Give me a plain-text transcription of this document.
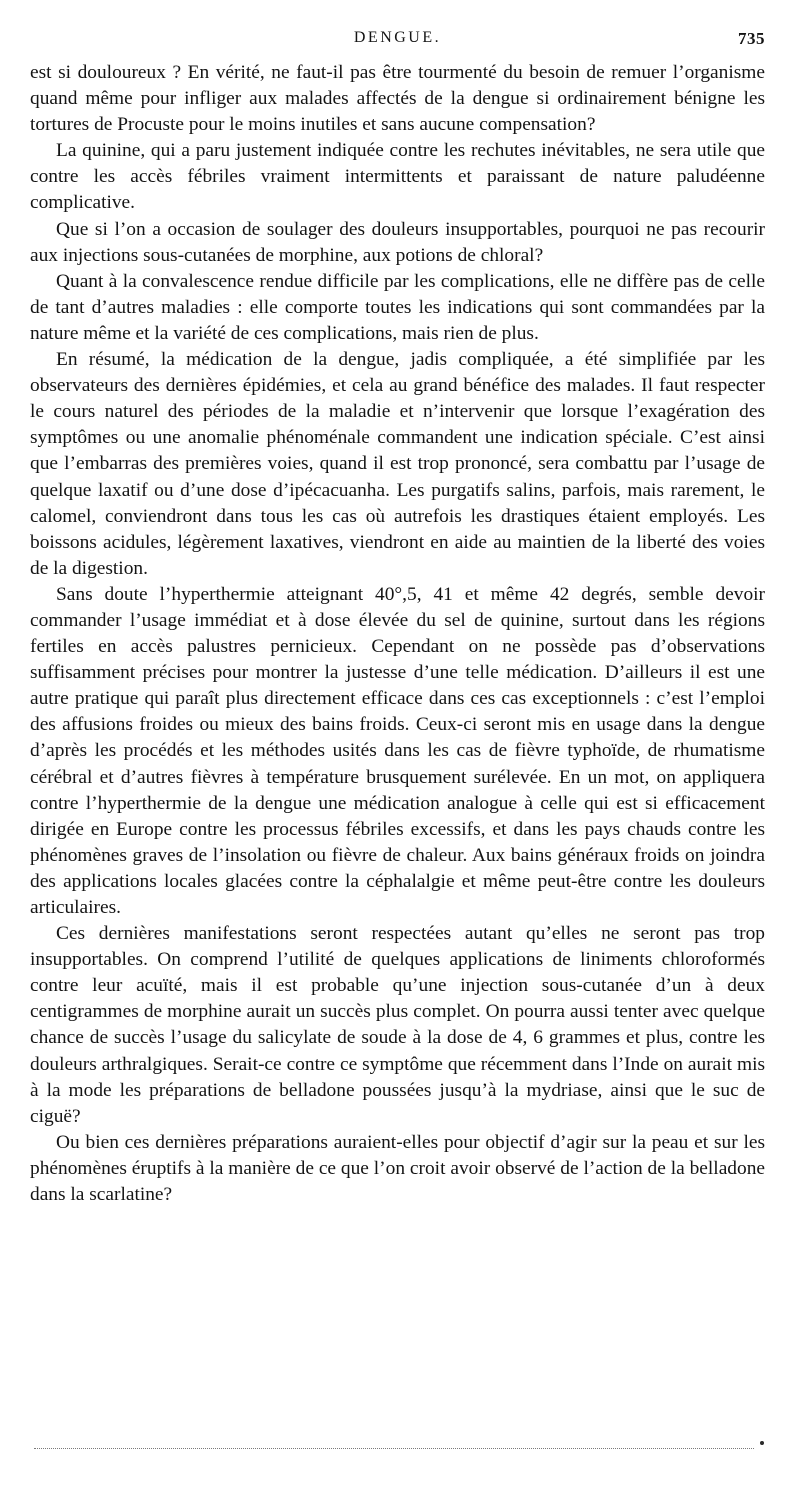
DENGUE.	735

est si douloureux ? En vérité, ne faut-il pas être tourmenté du besoin de remuer l’organisme quand même pour infliger aux malades affectés de la dengue si ordinairement bénigne les tortures de Procuste pour le moins inutiles et sans aucune compensation?

La quinine, qui a paru justement indiquée contre les rechutes inévitables, ne sera utile que contre les accès fébriles vraiment intermittents et paraissant de nature paludéenne complicative.

Que si l’on a occasion de soulager des douleurs insupportables, pourquoi ne pas recourir aux injections sous-cutanées de morphine, aux potions de chloral?

Quant à la convalescence rendue difficile par les complications, elle ne diffère pas de celle de tant d’autres maladies : elle comporte toutes les indications qui sont commandées par la nature même et la variété de ces complications, mais rien de plus.

En résumé, la médication de la dengue, jadis compliquée, a été simplifiée par les observateurs des dernières épidémies, et cela au grand bénéfice des malades. Il faut respecter le cours naturel des périodes de la maladie et n’intervenir que lorsque l’exagération des symptômes ou une anomalie phénoménale commandent une indication spéciale. C’est ainsi que l’embarras des premières voies, quand il est trop prononcé, sera combattu par l’usage de quelque laxatif ou d’une dose d’ipécacuanha. Les purgatifs salins, parfois, mais rarement, le calomel, conviendront dans tous les cas où autrefois les drastiques étaient employés. Les boissons acidules, légèrement laxatives, viendront en aide au maintien de la liberté des voies de la digestion.

Sans doute l’hyperthermie atteignant 40°,5, 41 et même 42 degrés, semble devoir commander l’usage immédiat et à dose élevée du sel de quinine, surtout dans les régions fertiles en accès palustres pernicieux. Cependant on ne possède pas d’observations suffisamment précises pour montrer la justesse d’une telle médication. D’ailleurs il est une autre pratique qui paraît plus directement efficace dans ces cas exceptionnels : c’est l’emploi des affusions froides ou mieux des bains froids. Ceux-ci seront mis en usage dans la dengue d’après les procédés et les méthodes usités dans les cas de fièvre typhoïde, de rhumatisme cérébral et d’autres fièvres à température brusquement surélevée. En un mot, on appliquera contre l’hyperthermie de la dengue une médication analogue à celle qui est si efficacement dirigée en Europe contre les processus fébriles excessifs, et dans les pays chauds contre les phénomènes graves de l’insolation ou fièvre de chaleur. Aux bains généraux froids on joindra des applications locales glacées contre la céphalalgie et même peut-être contre les douleurs articulaires.

Ces dernières manifestations seront respectées autant qu’elles ne seront pas trop insupportables. On comprend l’utilité de quelques applications de liniments chloroformés contre leur acuïté, mais il est probable qu’une injection sous-cutanée d’un à deux centigrammes de morphine aurait un succès plus complet. On pourra aussi tenter avec quelque chance de succès l’usage du salicylate de soude à la dose de 4, 6 grammes et plus, contre les douleurs arthralgiques. Serait-ce contre ce symptôme que récemment dans l’Inde on aurait mis à la mode les préparations de belladone poussées jusqu’à la mydriase, ainsi que le suc de ciguë?

Ou bien ces dernières préparations auraient-elles pour objectif d’agir sur la peau et sur les phénomènes éruptifs à la manière de ce que l’on croit avoir observé de l’action de la belladone dans la scarlatine?
